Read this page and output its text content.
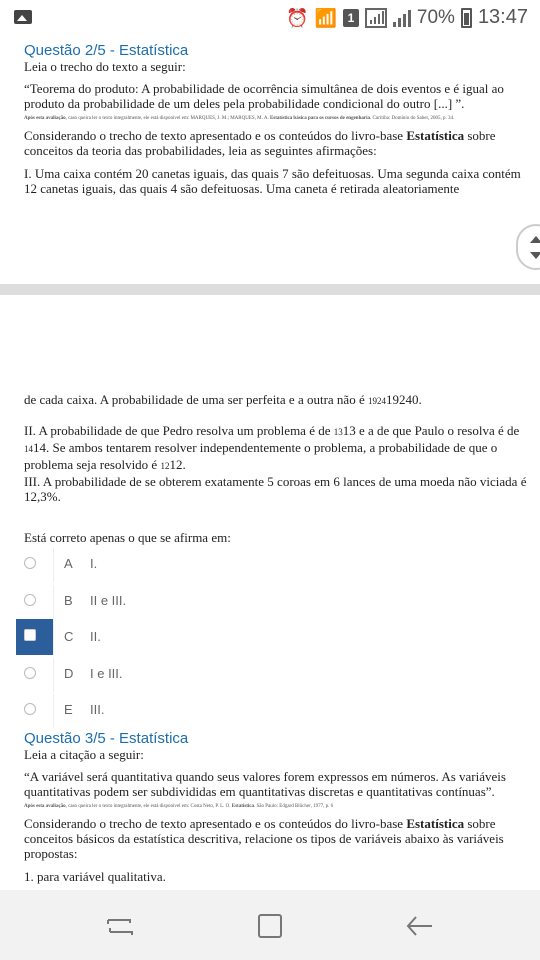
⏰ 📶 1	70% 13:47
Questão 2/5 - Estatística

Leia o trecho do texto a seguir:

“Teorema do produto: A probabilidade de ocorrência simultânea de dois eventos e é igual ao produto da probabilidade de um deles pela probabilidade condicional do outro [...] ”.

Após esta avaliação, caso queira ler o texto integralmente, ele está disponível em: MARQUES, J. M.; MARQUES, M. A. Estatística básica para os cursos de engenharia. Curitiba: Domínio do Saber, 2005, p. 34.

Considerando o trecho de texto apresentado e os conteúdos do livro-base Estatística sobre conceitos da teoria das probabilidades, leia as seguintes afirmações:

I. Uma caixa contém 20 canetas iguais, das quais 7 são defeituosas. Uma segunda caixa contém 12 canetas iguais, das quais 4 são defeituosas. Uma caneta é retirada aleatoriamente

de cada caixa. A probabilidade de uma ser perfeita e a outra não é 192419240.

II. A probabilidade de que Pedro resolva um problema é de 1313 e a de que Paulo o resolva é de 1414. Se ambos tentarem resolver independentemente o problema, a probabilidade de que o problema seja resolvido é 1212.

III. A probabilidade de se obterem exatamente 5 coroas em 6 lances de uma moeda não viciada é 12,3%.

Está correto apenas o que se afirma em:

A I.
B II e III.
C II.
D I e III.
E III.
Questão 3/5 - Estatística

Leia a citação a seguir:

“A variável será quantitativa quando seus valores forem expressos em números. As variáveis quantitativas podem ser subdivididas em quantitativas discretas e quantitativas contínuas”.

Após esta avaliação, caso queira ler o texto integralmente, ele está disponível em: Costa Neto, P. L. O. Estatística. São Paulo: Edgard Blücher, 1977, p. 6

Considerando o trecho de texto apresentado e os conteúdos do livro-base Estatística sobre conceitos básicos da estatística descritiva, relacione os tipos de variáveis abaixo às variáveis propostas:

1. para variável qualitativa.
